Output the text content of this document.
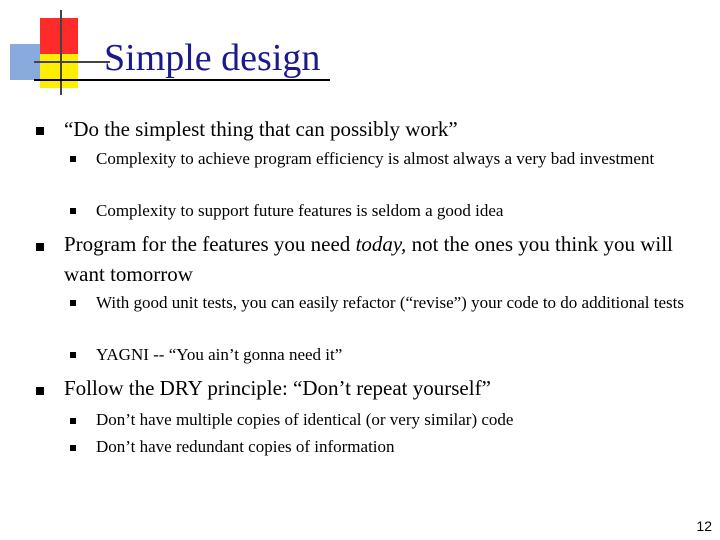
Simple design
“Do the simplest thing that can possibly work”
Complexity to achieve program efficiency is almost always a very bad investment
Complexity to support future features is seldom a good idea
Program for the features you need today, not the ones you think you will want tomorrow
With good unit tests, you can easily refactor (“revise”) your code to do additional tests
YAGNI -- “You ain’t gonna need it”
Follow the DRY principle: “Don’t repeat yourself”
Don’t have multiple copies of identical (or very similar) code
Don’t have redundant copies of information
12
